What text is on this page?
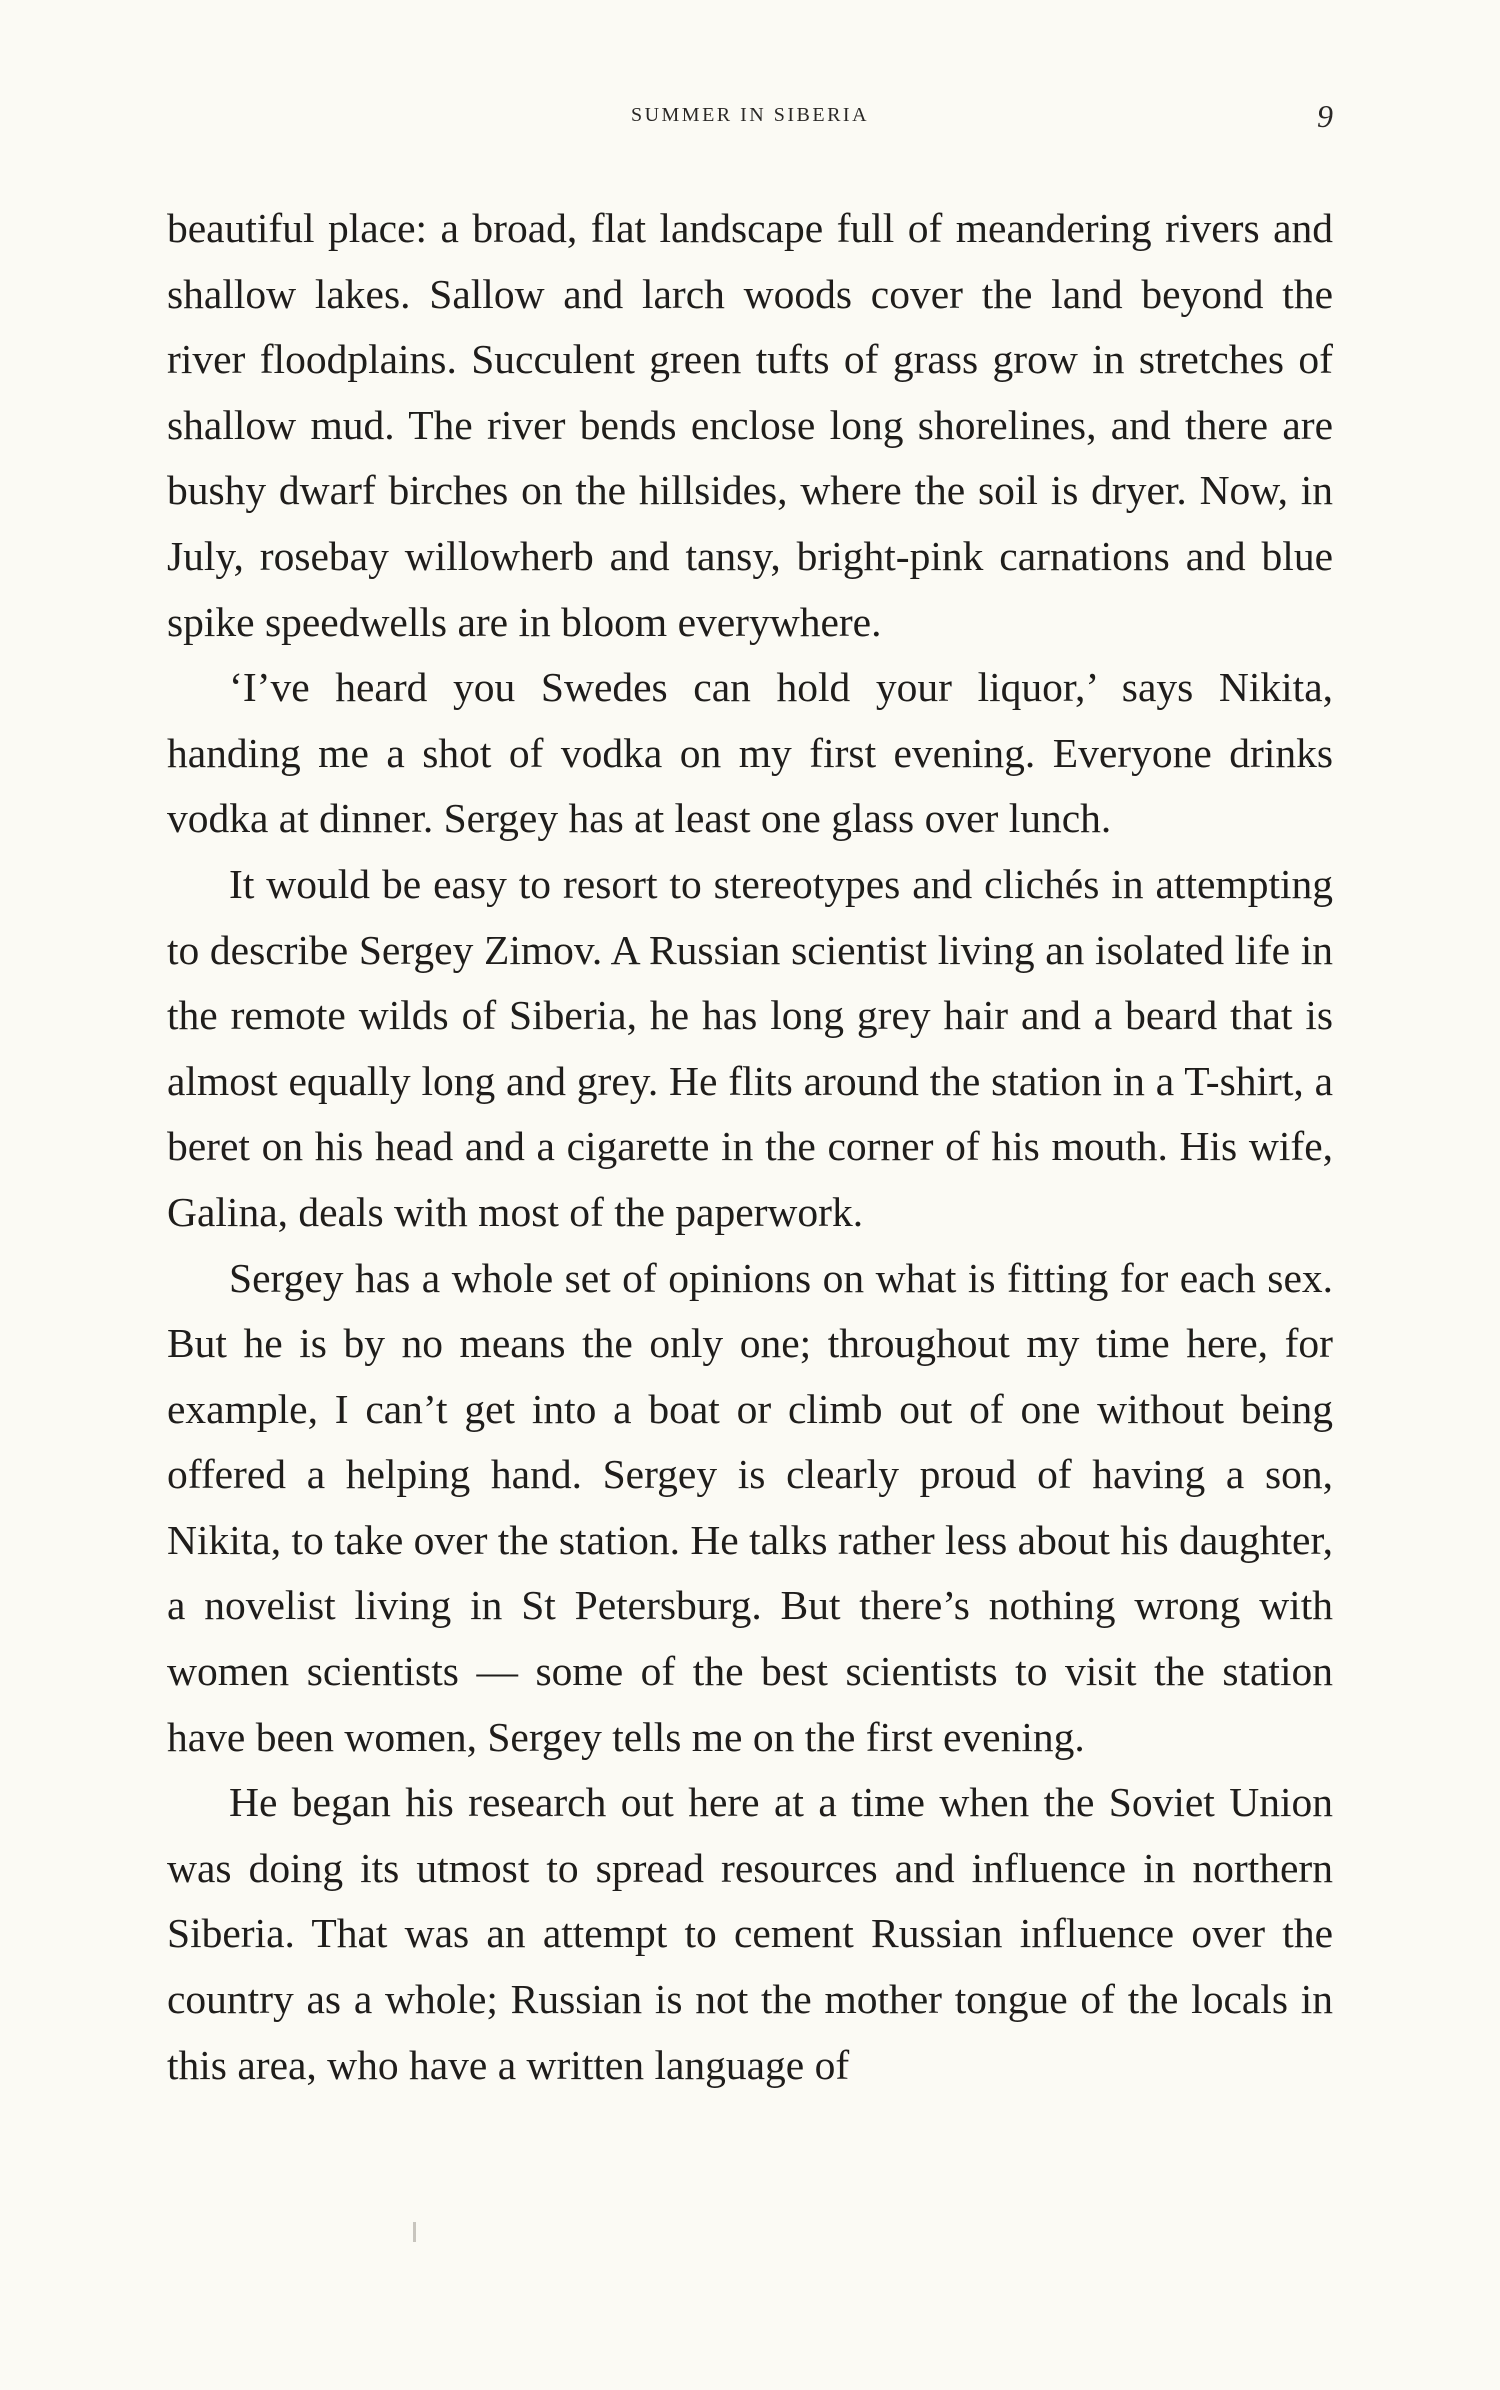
SUMMER IN SIBERIA	9

beautiful place: a broad, flat landscape full of meandering rivers and shallow lakes. Sallow and larch woods cover the land beyond the river floodplains. Succulent green tufts of grass grow in stretches of shallow mud. The river bends enclose long shorelines, and there are bushy dwarf birches on the hillsides, where the soil is dryer. Now, in July, rosebay willowherb and tansy, bright-pink carnations and blue spike speedwells are in bloom everywhere.

‘I’ve heard you Swedes can hold your liquor,’ says Nikita, handing me a shot of vodka on my first evening. Everyone drinks vodka at dinner. Sergey has at least one glass over lunch.

It would be easy to resort to stereotypes and clichés in attempting to describe Sergey Zimov. A Russian scientist living an isolated life in the remote wilds of Siberia, he has long grey hair and a beard that is almost equally long and grey. He flits around the station in a T-shirt, a beret on his head and a cigarette in the corner of his mouth. His wife, Galina, deals with most of the paperwork.

Sergey has a whole set of opinions on what is fitting for each sex. But he is by no means the only one; throughout my time here, for example, I can’t get into a boat or climb out of one without being offered a helping hand. Sergey is clearly proud of having a son, Nikita, to take over the station. He talks rather less about his daughter, a novelist living in St Petersburg. But there’s nothing wrong with women scientists — some of the best scientists to visit the station have been women, Sergey tells me on the first evening.

He began his research out here at a time when the Soviet Union was doing its utmost to spread resources and influence in northern Siberia. That was an attempt to cement Russian influence over the country as a whole; Russian is not the mother tongue of the locals in this area, who have a written language of
